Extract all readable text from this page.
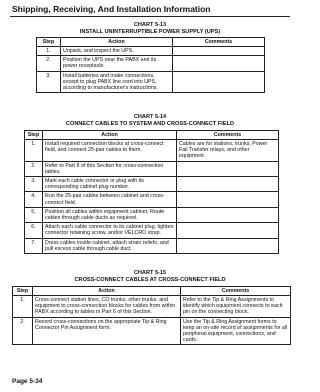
Shipping, Receiving, And Installation Information
CHART 5-13
INSTALL UNINTERRUPTIBLE POWER SUPPLY (UPS)
Step	Action	Comments
1.	Unpack, and inspect the UPS.	
2.	Position the UPS near the PABX and its power receptacle.	
3.	Install batteries and make connections, except to plug PABX line cord into UPS, according to manufacturer's instructions.	
CHART 5-14
CONNECT CABLES TO SYSTEM AND CROSS-CONNECT FIELD
Step	Action	Comments
1.	Install required connection blocks at cross-connect field, and connect 25-pair cables to them.	Cables are for stations, trunks, Power Fail Transfer relays, and other equipment.
2.	Refer to Part 8 of this Section for cross-connection tables.	
3.	Mark each cable connector or plug with its corresponding cabinet plug number.	
4.	Run the 25-pair cables between cabinet and cross-connect field.	
5.	Position all cables within equipment cabinet. Route cables through cable ducts as required.	
6.	Attach each cable connector to its cabinet plug, tighten connector retaining screw, and/or VELCRO strap.	
7.	Dress cables inside cabinet, attach strain reliefs, and pull excess cable through cable duct.	
CHART 5-15
CROSS-CONNECT CABLES AT CROSS-CONNECT FIELD
Step	Action	Comments
1.	Cross-connect station lines, CO trunks, other trunks, and equipment to cross-connection blocks for cables from within PABX according to tables in Part 6 of this Section.	Refer to the Tip & Ring Assignments to identify which equipment connects to each pin on the connecting block.
2.	Record cross-connections on the appropriate Tip & Ring Connector Pin Assignment form.	Use the Tip & Ring Assignment forms to keep an on-site record of assignments for all peripheral equipment, connections, and cards.
Page 5-34
